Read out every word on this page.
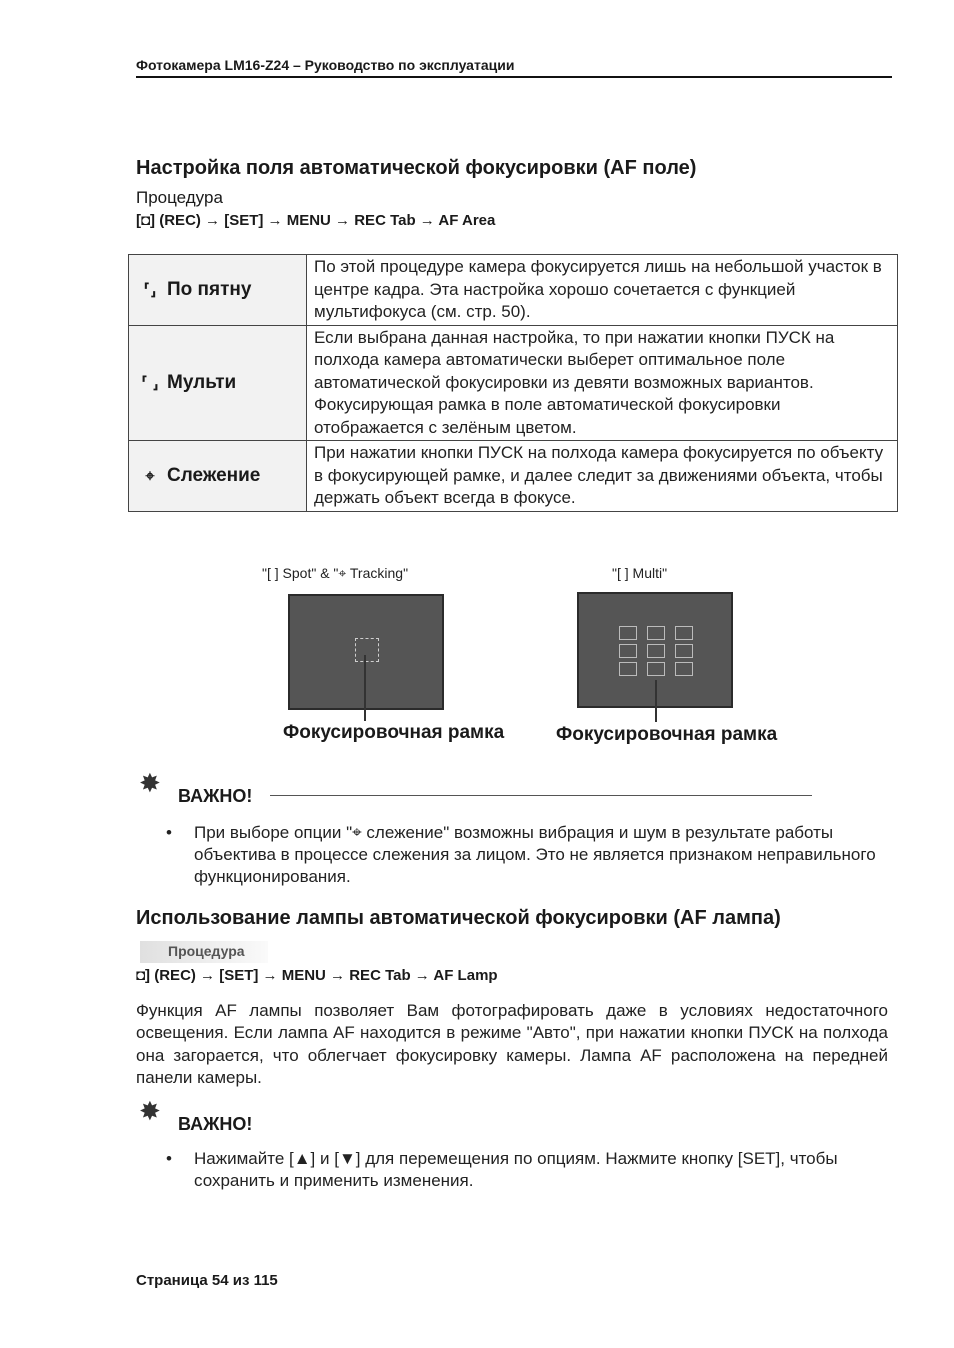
Фотокамера LM16-Z24 – Руководство по эксплуатации
Настройка поля автоматической фокусировки (AF поле)
Процедура
[◘] (REC) → [SET] → MENU → REC Tab → AF Area
⸢⸥ По пятну	По этой процедуре камера фокусируется лишь на небольшой участок в центре кадра. Эта настройка хорошо сочетается с функцией мультифокуса (см. стр. 50).
⸢ ⸥ Мульти	Если выбрана данная настройка, то при нажатии кнопки ПУСК на полхода камера автоматически выберет оптимальное поле автоматической фокусировки из девяти возможных вариантов. Фокусирующая рамка в поле автоматической фокусировки отображается с зелёным цветом.
⌖ Слежение	При нажатии кнопки ПУСК на полхода камера фокусируется по объекту в фокусирующей рамке, и далее следит за движениями объекта, чтобы держать объект всегда в фокусе.
"[ ] Spot" & "⌖ Tracking"	"[ ] Multi"
Фокусировочная рамка	Фокусировочная рамка
✸ ВАЖНО!
• При выборе опции "⌖ слежение" возможны вибрация и шум в результате работы объектива в процессе слежения за лицом. Это не является признаком неправильного функционирования.
Использование лампы автоматической фокусировки (AF лампа)
Процедура
◘] (REC) → [SET] → MENU → REC Tab → AF Lamp
Функция AF лампы позволяет Вам фотографировать даже в условиях недостаточного освещения. Если лампа AF находится в режиме "Авто", при нажатии кнопки ПУСК на полхода она загорается, что облегчает фокусировку камеры. Лампа AF расположена на передней панели камеры.
✸ ВАЖНО!
• Нажимайте [▲] и [▼] для перемещения по опциям. Нажмите кнопку [SET], чтобы сохранить и применить изменения.
Страница 54 из 115
